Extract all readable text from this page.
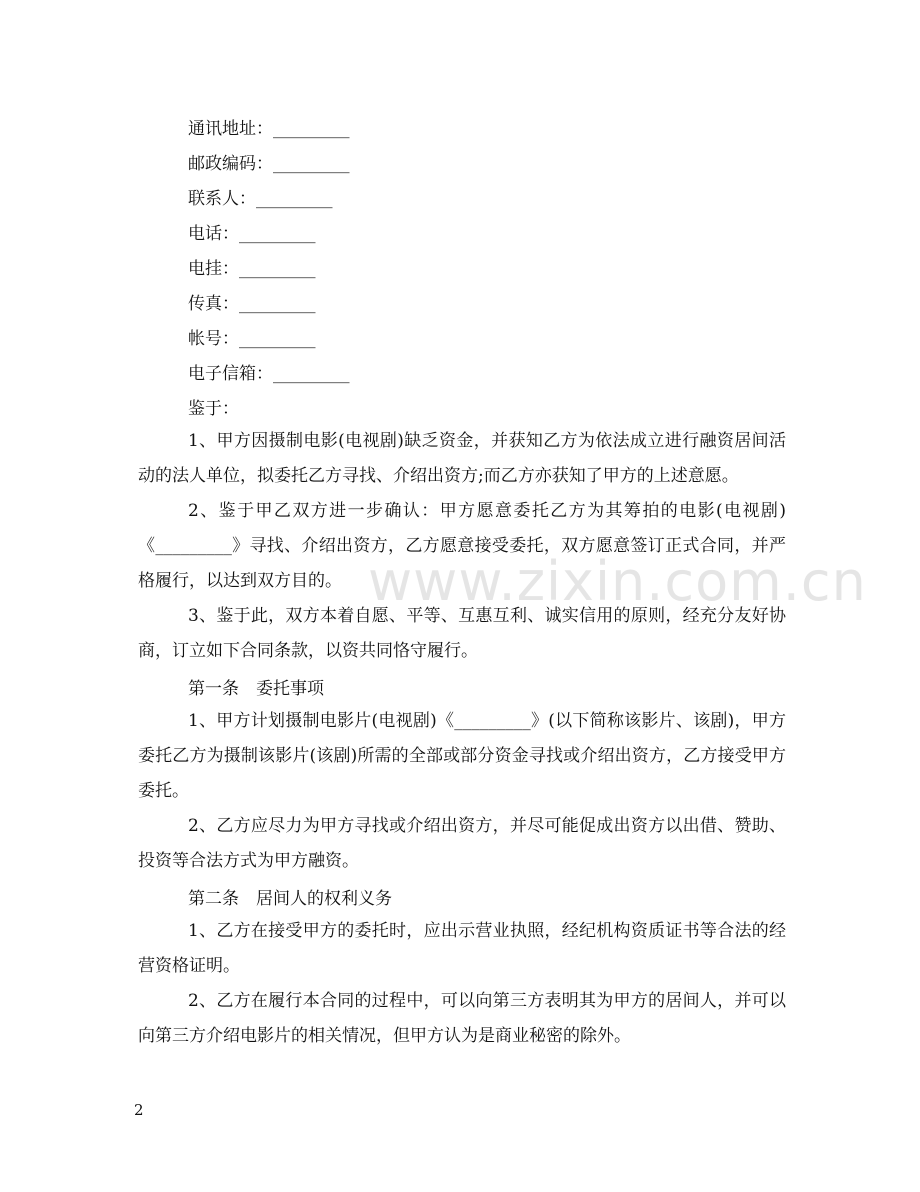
通讯地址：_________
邮政编码：_________
联系人：_________
电话：_________
电挂：_________
传真：_________
帐号：_________
电子信箱：_________
鉴于：
1、甲方因摄制电影(电视剧)缺乏资金，并获知乙方为依法成立进行融资居间活动的法人单位，拟委托乙方寻找、介绍出资方;而乙方亦获知了甲方的上述意愿。
2、鉴于甲乙双方进一步确认：甲方愿意委托乙方为其筹拍的电影(电视剧)《_________》寻找、介绍出资方，乙方愿意接受委托，双方愿意签订正式合同，并严格履行，以达到双方目的。
3、鉴于此，双方本着自愿、平等、互惠互利、诚实信用的原则，经充分友好协商，订立如下合同条款，以资共同恪守履行。
第一条　委托事项
1、甲方计划摄制电影片(电视剧)《_________》(以下简称该影片、该剧)，甲方委托乙方为摄制该影片(该剧)所需的全部或部分资金寻找或介绍出资方，乙方接受甲方委托。
2、乙方应尽力为甲方寻找或介绍出资方，并尽可能促成出资方以出借、赞助、投资等合法方式为甲方融资。
第二条　居间人的权利义务
1、乙方在接受甲方的委托时，应出示营业执照，经纪机构资质证书等合法的经营资格证明。
2、乙方在履行本合同的过程中，可以向第三方表明其为甲方的居间人，并可以向第三方介绍电影片的相关情况，但甲方认为是商业秘密的除外。
www.zixin.com.cn
2
